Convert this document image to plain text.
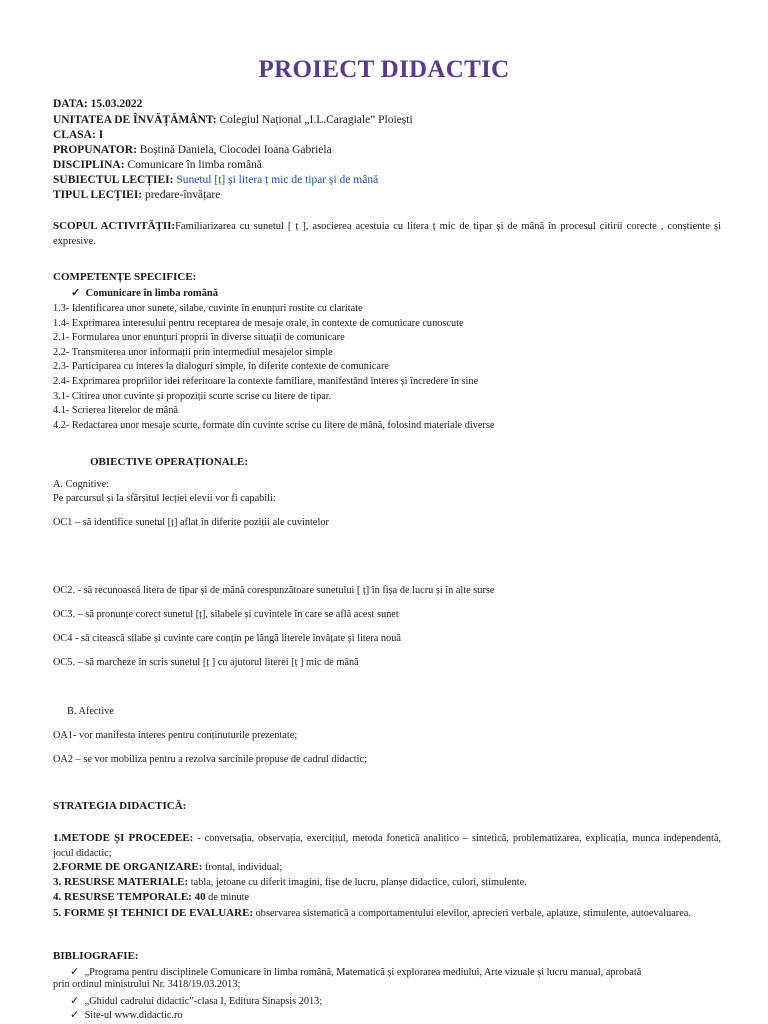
PROIECT DIDACTIC
DATA: 15.03.2022
UNITATEA DE ÎNVĂȚĂMÂNT: Colegiul Național „I.L.Caragiale” Ploiești
CLASA: I
PROPUNATOR: Boștină Daniela, Ciocodei Ioana Gabriela
DISCIPLINA: Comunicare în limba română
SUBIECTUL LECȚIEI: Sunetul [ț] și litera ț mic de tipar și de mână
TIPUL LECȚIEI: predare-învățare
SCOPUL ACTIVITĂȚII:Familiarizarea cu sunetul [ ț ], asocierea acestuia cu litera ț mic de tipar și de mână în procesul citirii corecte , conștiente și expresive.
COMPETENȚE SPECIFICE:
✓ Comunicare în limba română
1.3- Identificarea unor sunete, silabe, cuvinte în enunțuri rostite cu claritate
1.4- Exprimarea interesului pentru receptarea de mesaje orale, în contexte de comunicare cunoscute
2.1- Formularea unor enunțuri proprii în diverse situații de comunicare
2.2- Transmiterea unor informații prin intermediul mesajelor simple
2.3- Participarea cu interes la dialoguri simple, în diferite contexte de comunicare
2.4- Exprimarea propriilor idei referitoare la contexte familiare, manifestând interes și încredere în sine
3.1- Citirea unor cuvinte și propoziții scurte scrise cu litere de tipar.
4.1- Scrierea literelor de mână
4.2- Redactarea unor mesaje scurte, formate din cuvinte scrise cu litere de mână, folosind materiale diverse
OBIECTIVE OPERAȚIONALE:
A. Cognitive:
Pe parcursul și la sfârșitul lecției elevii vor fi capabili:
OC1 – să identifice sunetul [ț] aflat în diferite poziții ale cuvintelor
OC2. - să recunoască litera de tipar și de mână corespunzătoare sunetului [ ț] în fișa de lucru și în alte surse
OC3. – să pronunțe corect sunetul [ț], silabele și cuvintele în care se află acest sunet
OC4 - să citească silabe și cuvinte care conțin pe lângă literele învățate și litera nouă
OC5. – să marcheze în scris sunetul [ț ] cu ajutorul literei [ț ] mic de mână
B. Afective
OA1- vor manifesta interes pentru conținuturile prezentate;
OA2 – se vor mobiliza pentru a rezolva sarcinile propuse de cadrul didactic;
STRATEGIA DIDACTICĂ:
1.METODE ȘI PROCEDEE: - conversația, observația, exercițiul, metoda fonetică analitico – sintetică, problematizarea, explicația, munca independentă, jocul didactic;
2.FORME DE ORGANIZARE: frontal, individual;
3. RESURSE MATERIALE: tabla, jetoane cu diferit imagini, fișe de lucru, planșe didactice, culori, stimulente.
4. RESURSE TEMPORALE: 40 de minute
5. FORME ȘI TEHNICI DE EVALUARE: observarea sistematică a comportamentului elevilor, aprecieri verbale, aplauze, stimulente, autoevaluarea.
BIBLIOGRAFIE:
✓ „Programa pentru disciplinele Comunicare în limba română, Matematică și explorarea mediului, Arte vizuale și lucru manual, aprobată
prin ordinul ministrului Nr. 3418/19.03.2013;
✓ „Ghidul cadrului didactic”-clasa I, Editura Sinapsis 2013;
✓ Site-ul www.didactic.ro
